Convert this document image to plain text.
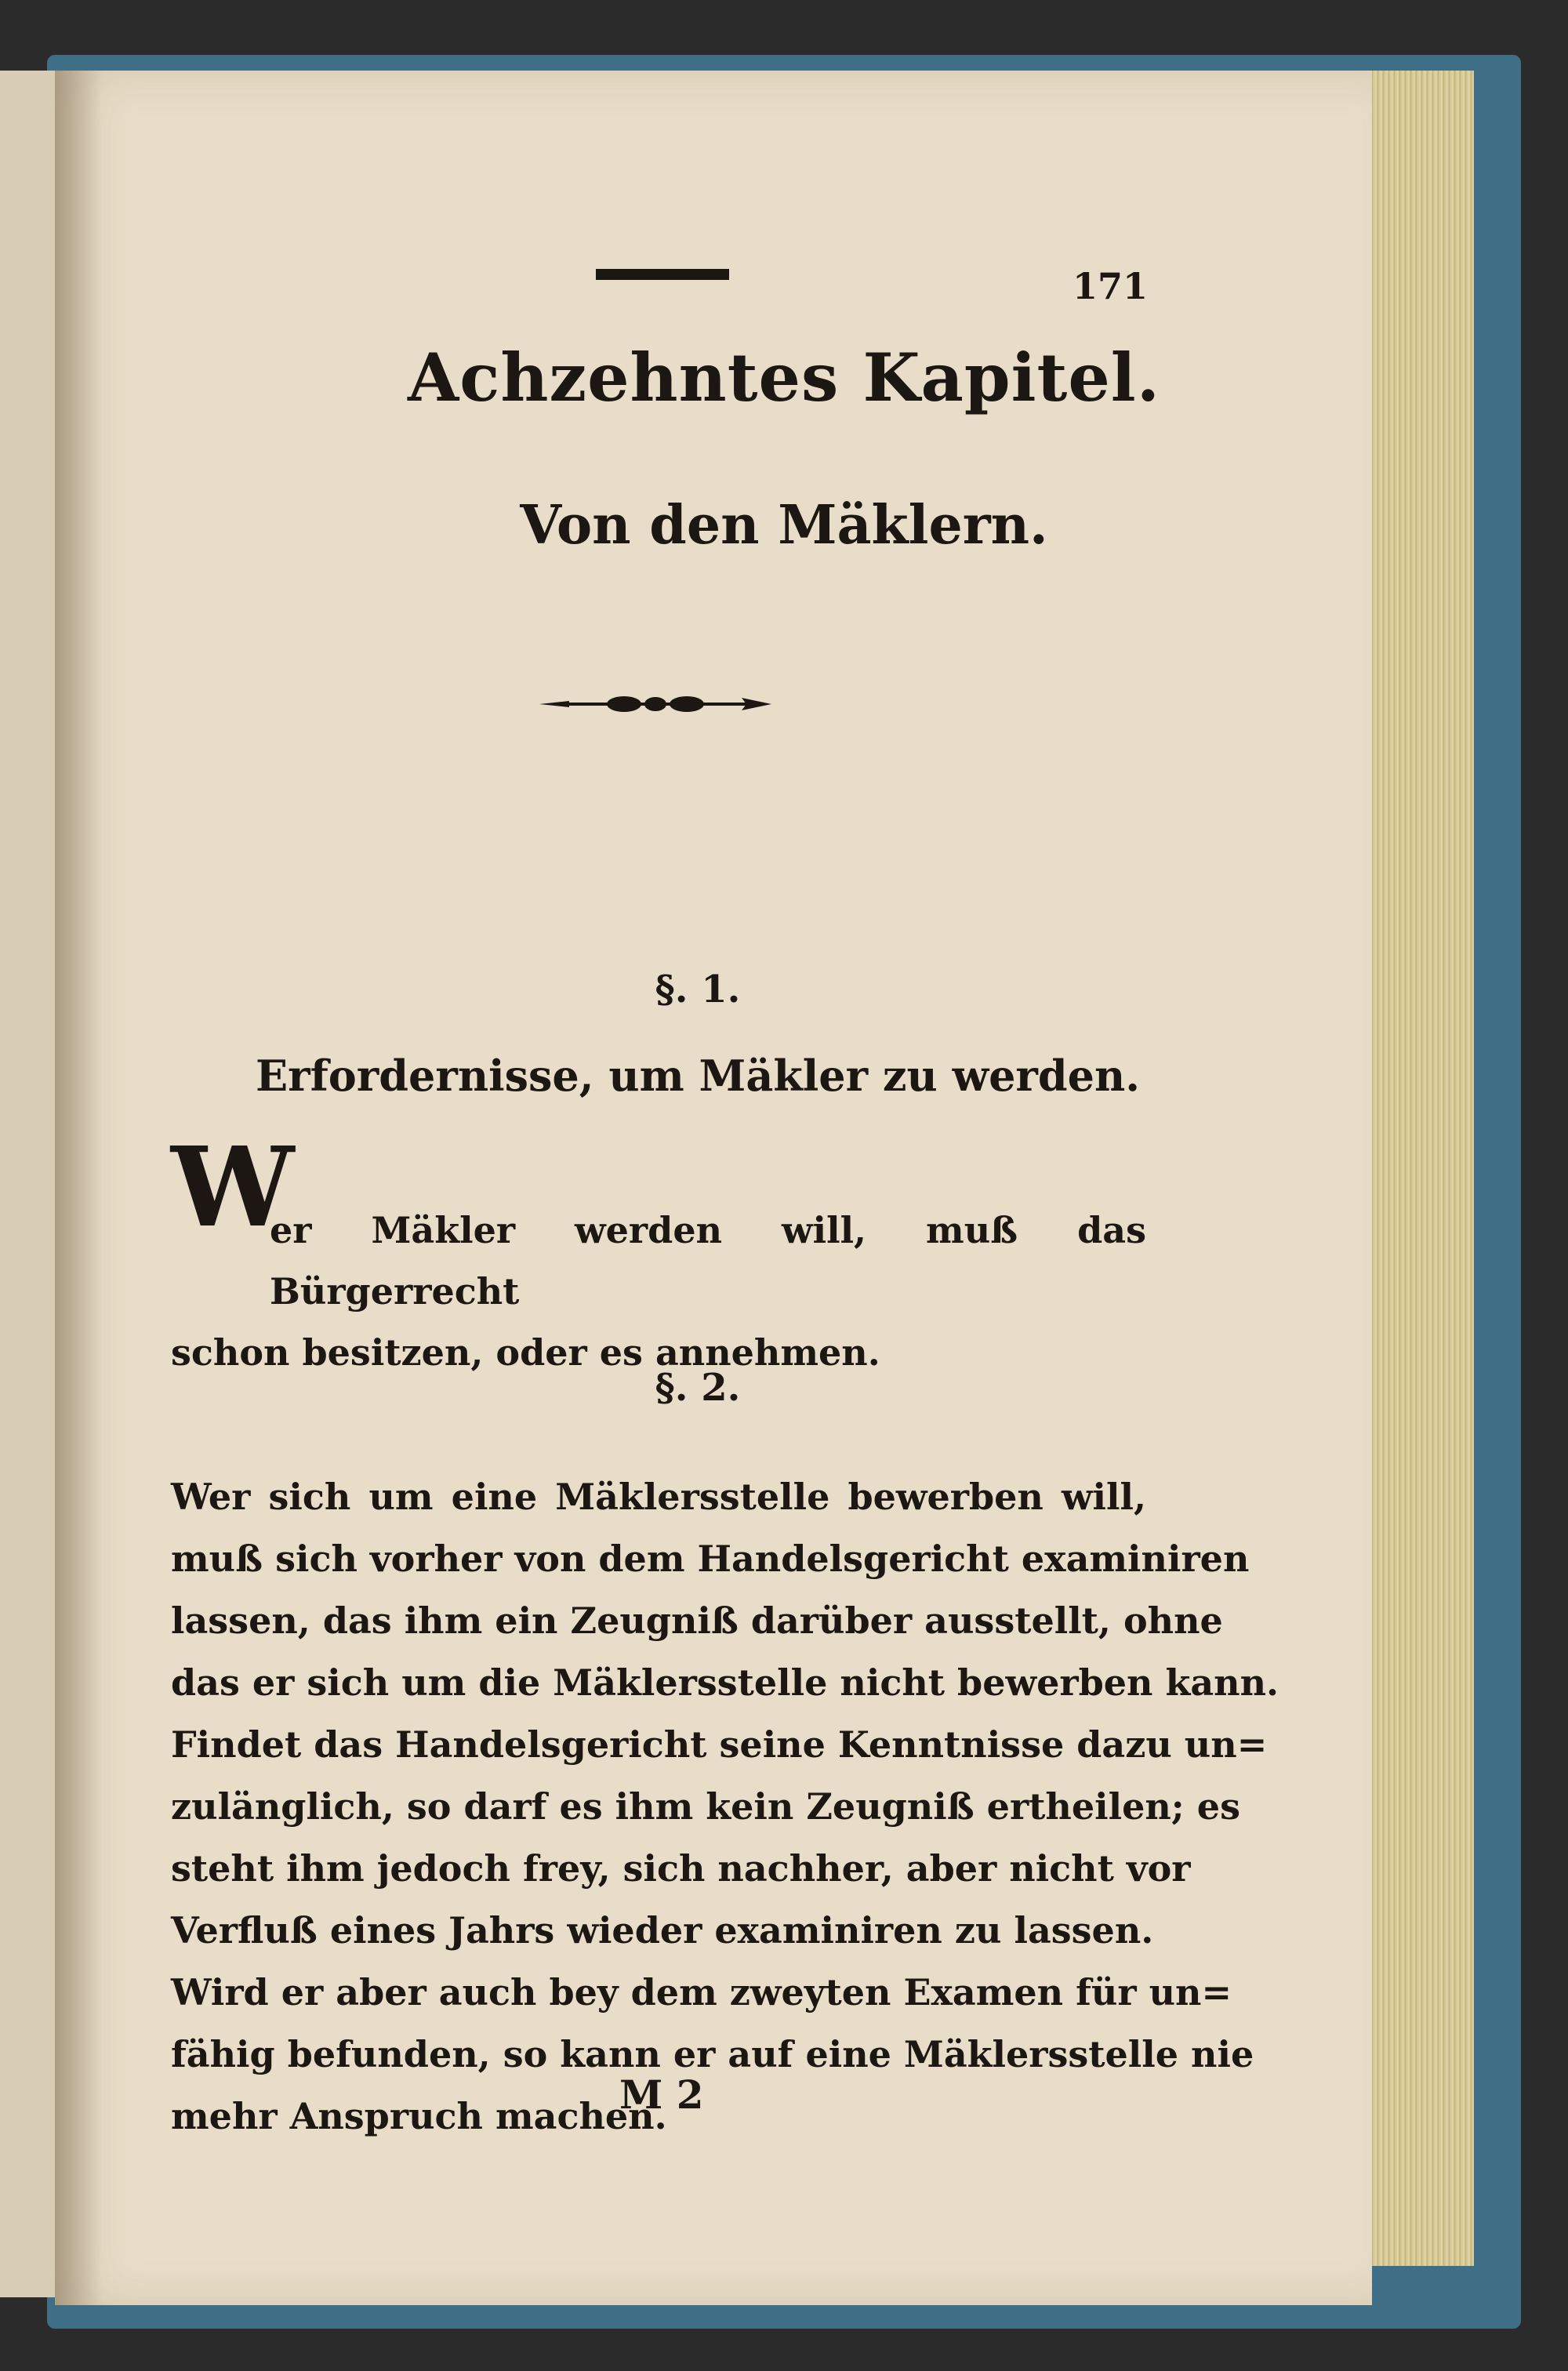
171
Achzehntes Kapitel.
Von den Mäklern.
§. 1.
Erfordernisse, um Mäkler zu werden.
W
er Mäkler werden will, muß das Bürgerrecht
schon besitzen, oder es annehmen.
§. 2.
Wer sich um eine Mäklersstelle bewerben will,
muß sich vorher von dem Handelsgericht examiniren
lassen, das ihm ein Zeugniß darüber ausstellt, ohne
das er sich um die Mäklersstelle nicht bewerben kann.
Findet das Handelsgericht seine Kenntnisse dazu un=
zulänglich, so darf es ihm kein Zeugniß ertheilen; es
steht ihm jedoch frey, sich nachher, aber nicht vor
Verfluß eines Jahrs wieder examiniren zu lassen.
Wird er aber auch bey dem zweyten Examen für un=
fähig befunden, so kann er auf eine Mäklersstelle nie
mehr Anspruch machen.
M 2
